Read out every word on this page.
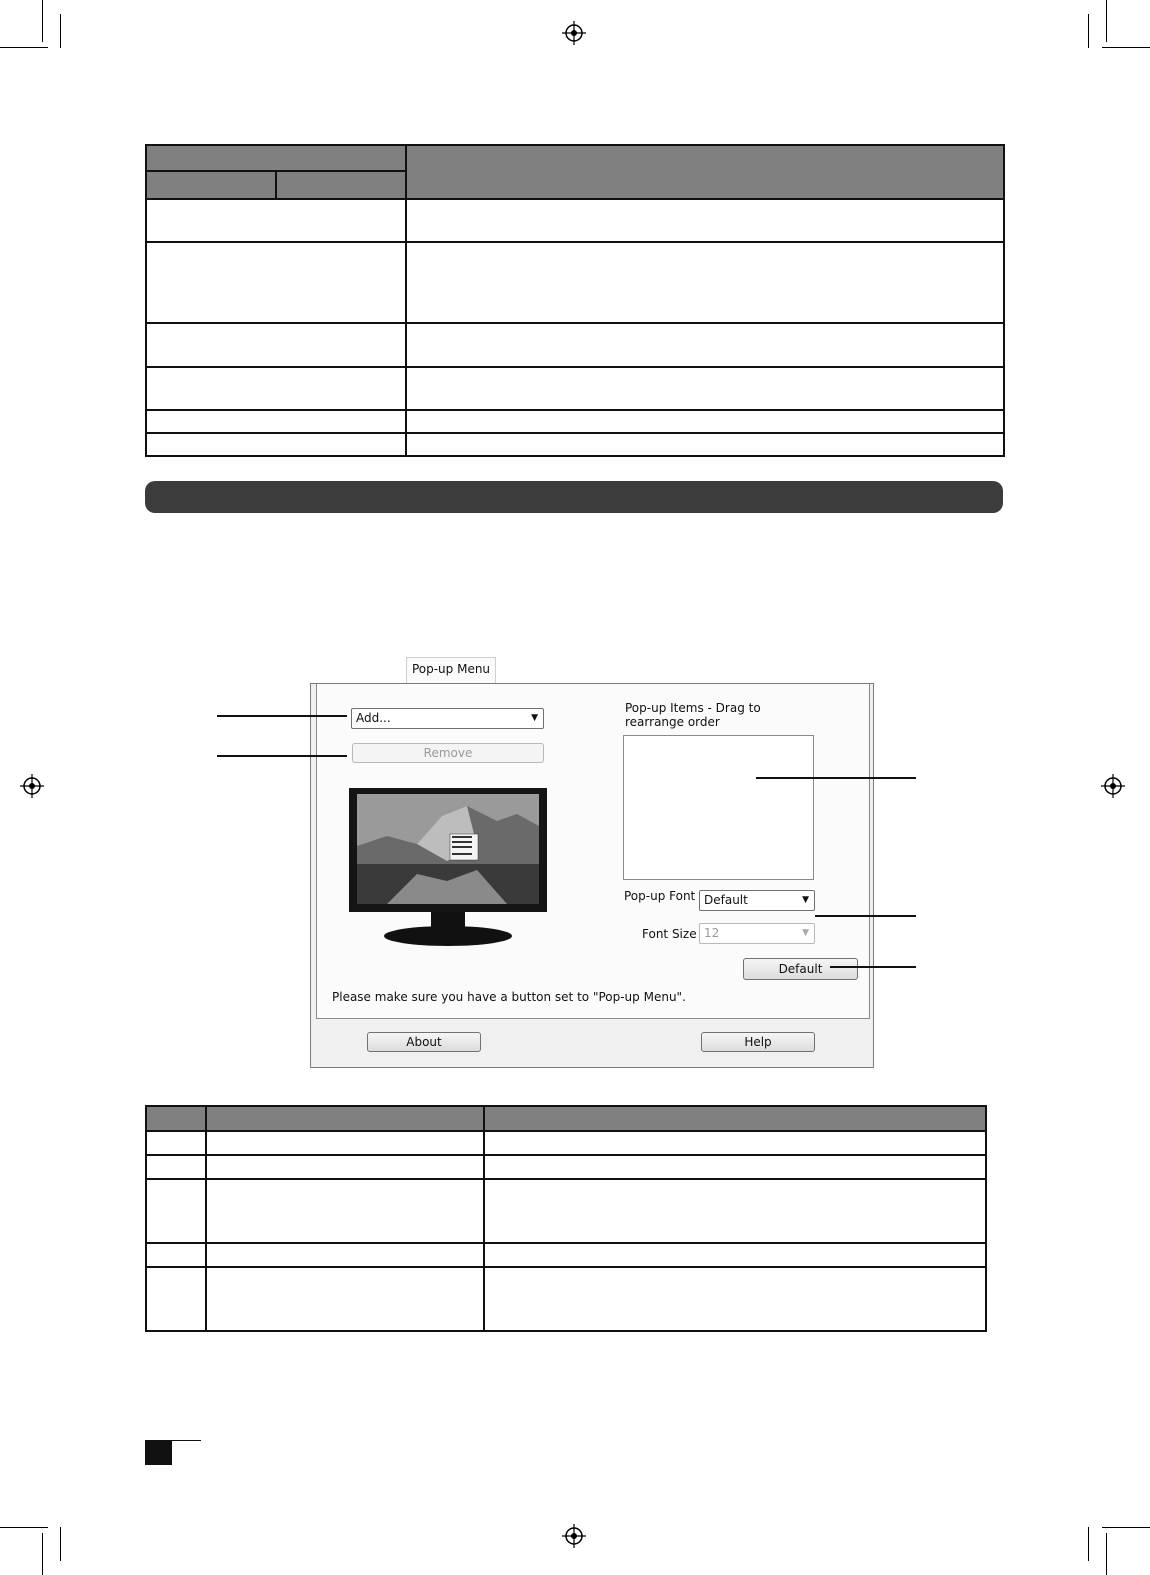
Pop-up Menu
Add...	▼
Remove
Pop-up Items - Drag to rearrange order
Pop-up Font Default	▼
Font Size 12	▼
Default
Please make sure you have a button set to "Pop-up Menu".
About	Help
